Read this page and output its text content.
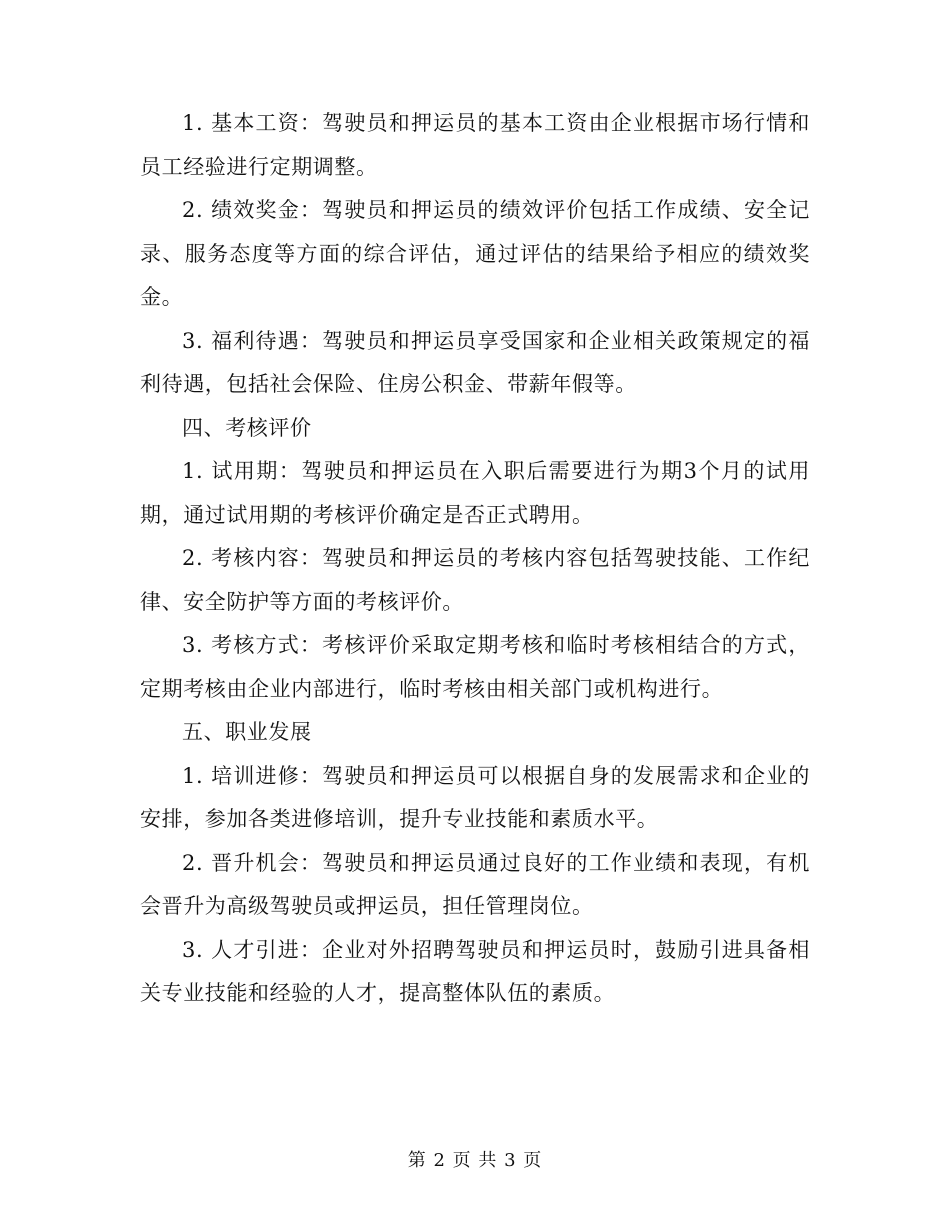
1. 基本工资：驾驶员和押运员的基本工资由企业根据市场行情和员工经验进行定期调整。

2. 绩效奖金：驾驶员和押运员的绩效评价包括工作成绩、安全记录、服务态度等方面的综合评估，通过评估的结果给予相应的绩效奖金。

3. 福利待遇：驾驶员和押运员享受国家和企业相关政策规定的福利待遇，包括社会保险、住房公积金、带薪年假等。

四、考核评价

1. 试用期：驾驶员和押运员在入职后需要进行为期3个月的试用期，通过试用期的考核评价确定是否正式聘用。

2. 考核内容：驾驶员和押运员的考核内容包括驾驶技能、工作纪律、安全防护等方面的考核评价。

3. 考核方式：考核评价采取定期考核和临时考核相结合的方式，定期考核由企业内部进行，临时考核由相关部门或机构进行。

五、职业发展

1. 培训进修：驾驶员和押运员可以根据自身的发展需求和企业的安排，参加各类进修培训，提升专业技能和素质水平。

2. 晋升机会：驾驶员和押运员通过良好的工作业绩和表现，有机会晋升为高级驾驶员或押运员，担任管理岗位。

3. 人才引进：企业对外招聘驾驶员和押运员时，鼓励引进具备相关专业技能和经验的人才，提高整体队伍的素质。

第 2 页 共 3 页
